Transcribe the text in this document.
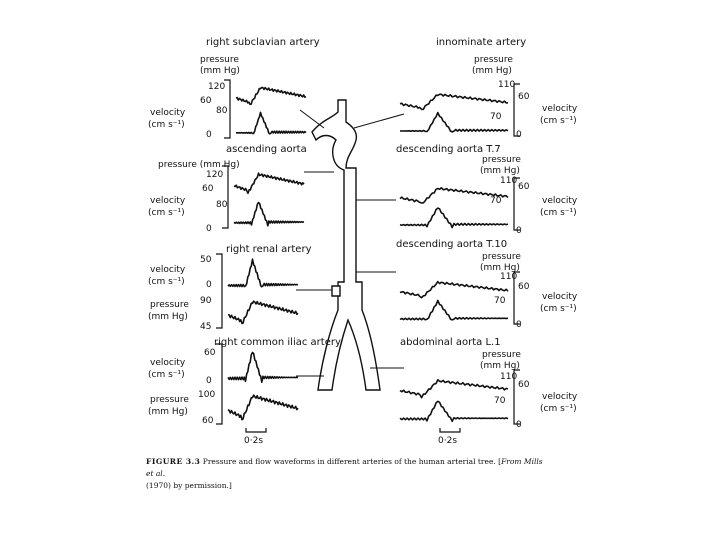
right subclavian artery
pressure
(mm Hg)
velocity
(cm s⁻¹)
120
60
80
0
ascending aorta
pressure (mm Hg)
velocity
(cm s⁻¹)
120
60
80
0
right renal artery
velocity
(cm s⁻¹)
pressure
(mm Hg)
50
0
90
45
right common iliac artery
velocity
(cm s⁻¹)
pressure
(mm Hg)
60
0
100
60
innominate artery
pressure
(mm Hg)
velocity
(cm s⁻¹)
110
60
70
0
descending aorta T.7
pressure
(mm Hg)
velocity
(cm s⁻¹)
110
60
70
0
descending aorta T.10
pressure
(mm Hg)
velocity
(cm s⁻¹)
110
60
70
0
abdominal aorta L.1
pressure
(mm Hg)
velocity
(cm s⁻¹)
110
60
70
0
0·2s	0·2s
FIGURE 3.3 Pressure and flow waveforms in different arteries of the human arterial tree. [From Mills et al.
(1970) by permission.]
